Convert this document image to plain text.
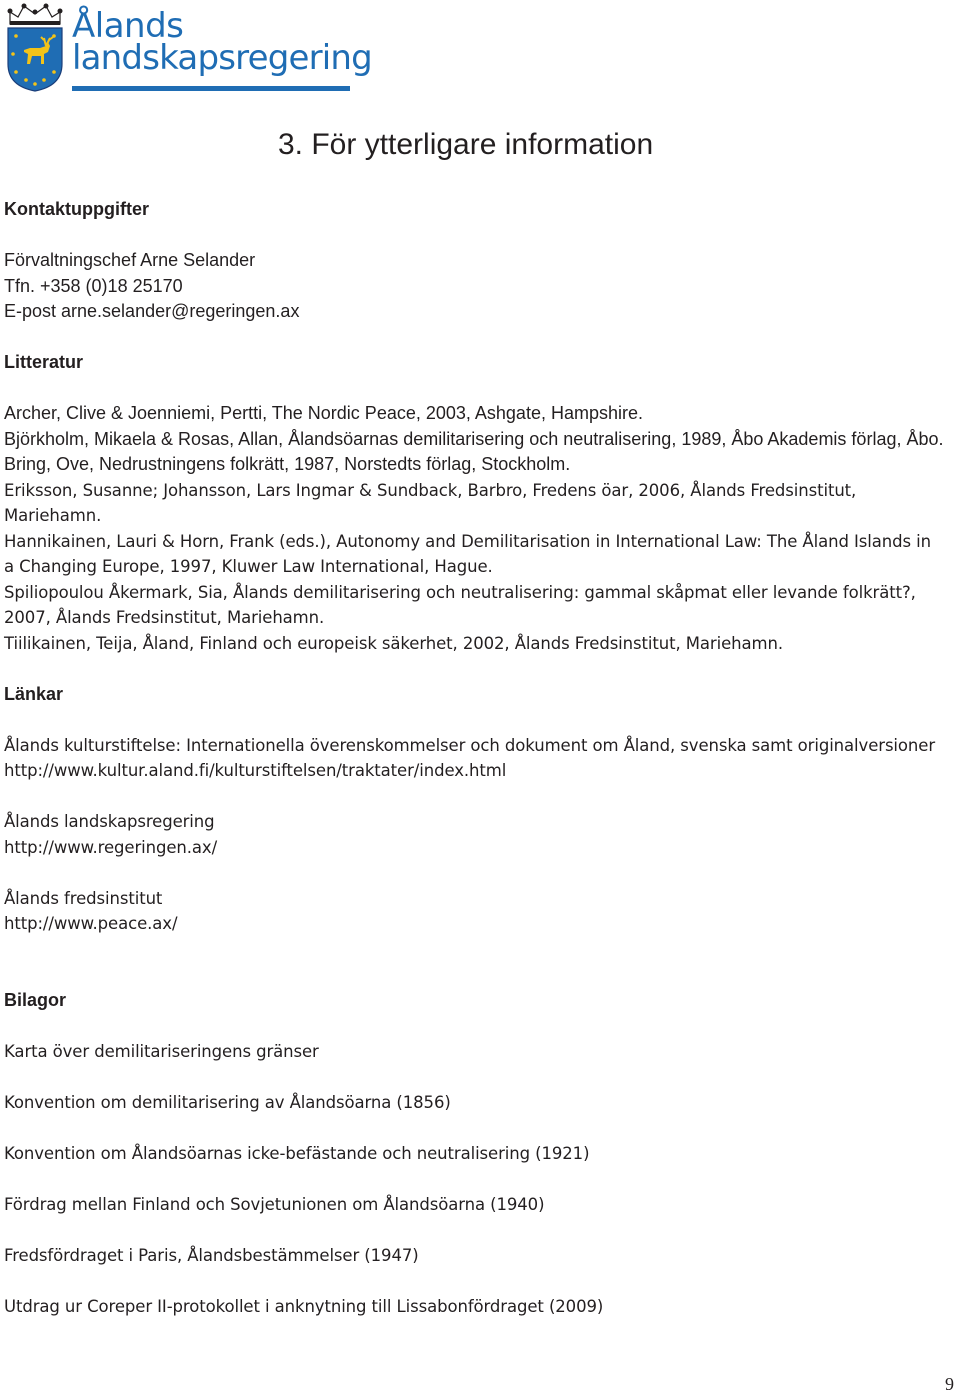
Ålands
landskapsregering
3. För ytterligare information

Kontaktuppgifter

Förvaltningschef Arne Selander

Tfn. +358 (0)18 25170

E-post arne.selander@regeringen.ax

Litteratur

Archer, Clive & Joenniemi, Pertti, The Nordic Peace, 2003, Ashgate, Hampshire.

Björkholm, Mikaela & Rosas, Allan, Ålandsöarnas demilitarisering och neutralisering, 1989, Åbo Akademis förlag, Åbo.

Bring, Ove, Nedrustningens folkrätt, 1987, Norstedts förlag, Stockholm.

Eriksson, Susanne; Johansson, Lars Ingmar & Sundback, Barbro, Fredens öar, 2006, Ålands Fredsinstitut, Mariehamn.

Hannikainen, Lauri & Horn, Frank (eds.), Autonomy and Demilitarisation in International Law: The Åland Islands in a Changing Europe, 1997, Kluwer Law International, Hague.

Spiliopoulou Åkermark, Sia, Ålands demilitarisering och neutralisering: gammal skåpmat eller levande folkrätt?, 2007, Ålands Fredsinstitut, Mariehamn.

Tiilikainen, Teija, Åland, Finland och europeisk säkerhet, 2002, Ålands Fredsinstitut, Mariehamn.

Länkar

Ålands kulturstiftelse: Internationella överenskommelser och dokument om Åland, svenska samt originalversioner

http://www.kultur.aland.fi/kulturstiftelsen/traktater/index.html

Ålands landskapsregering

http://www.regeringen.ax/

Ålands fredsinstitut

http://www.peace.ax/

Bilagor

Karta över demilitariseringens gränser

Konvention om demilitarisering av Ålandsöarna (1856)

Konvention om Ålandsöarnas icke-befästande och neutralisering (1921)

Fördrag mellan Finland och Sovjetunionen om Ålandsöarna (1940)

Fredsfördraget i Paris, Ålandsbestämmelser (1947)

Utdrag ur Coreper II-protokollet i anknytning till Lissabonfördraget (2009)

9
